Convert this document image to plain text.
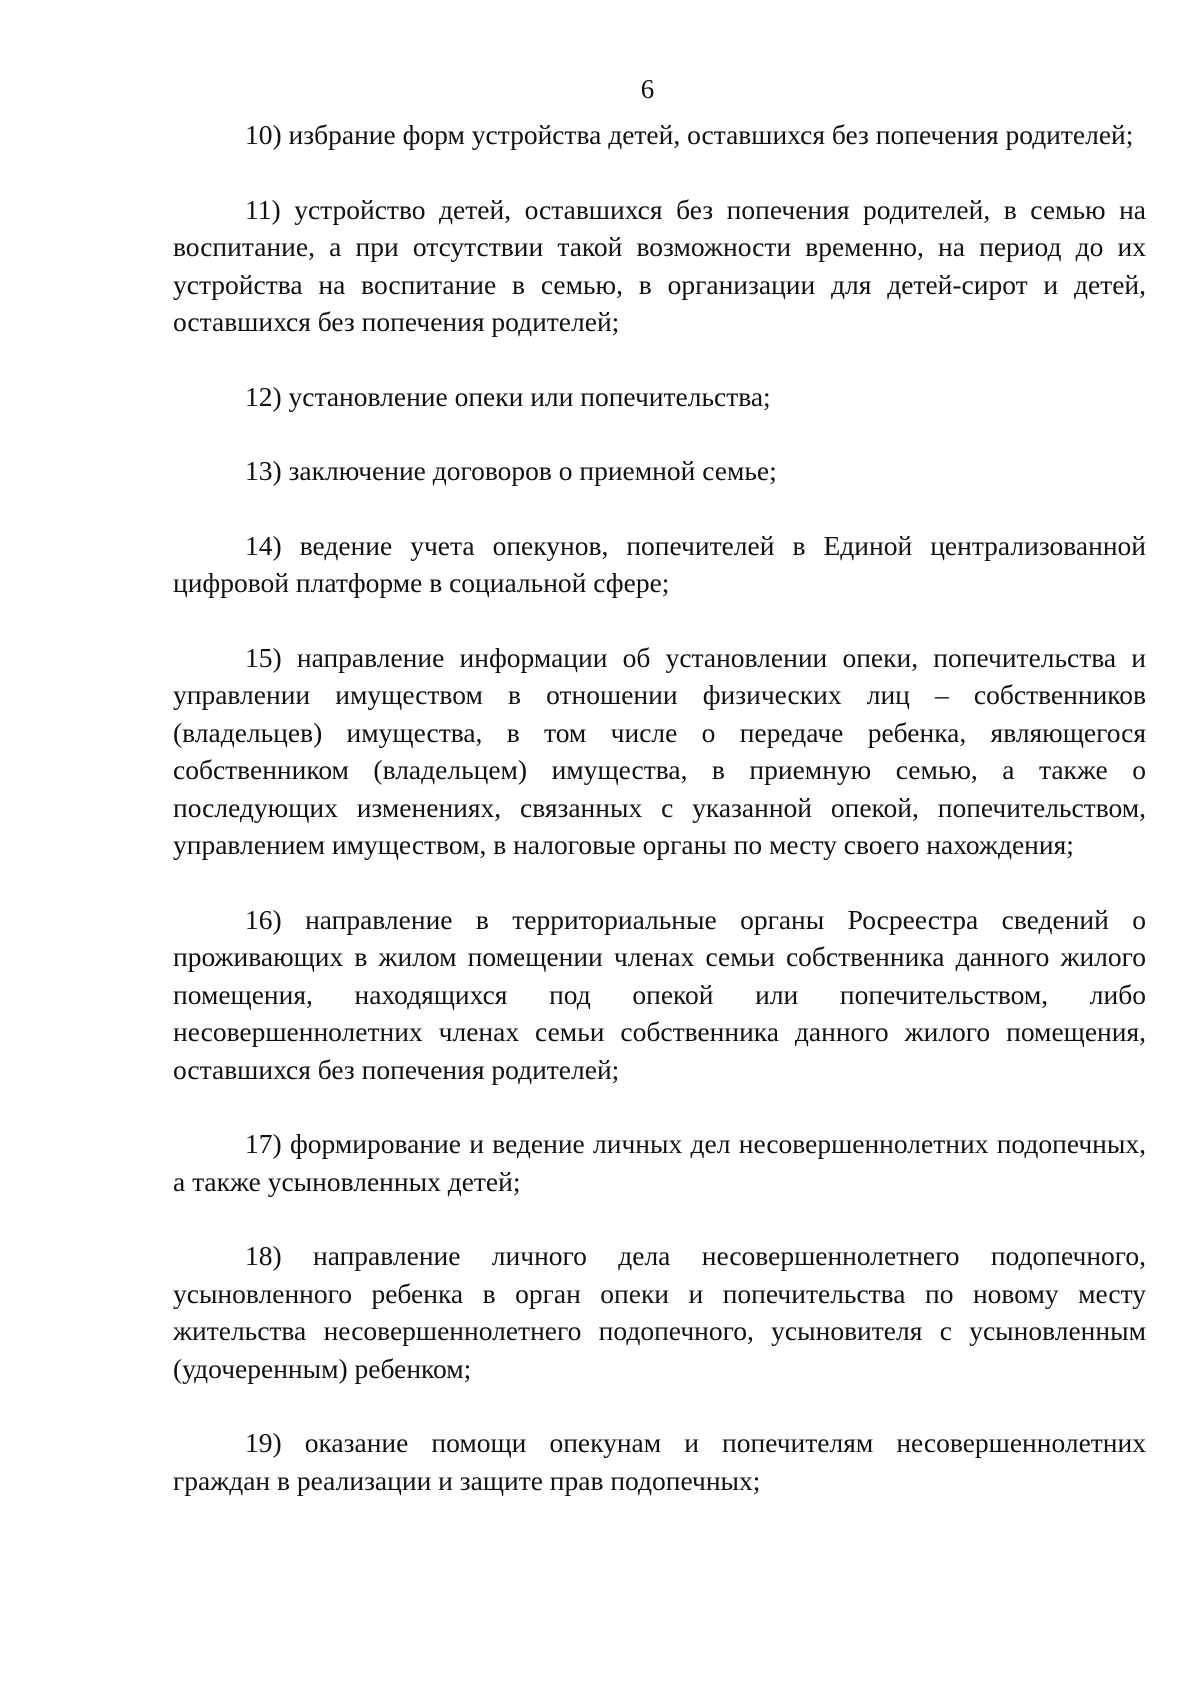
6

10) избрание форм устройства детей, оставшихся без попечения родителей;

11) устройство детей, оставшихся без попечения родителей, в семью на воспитание, а при отсутствии такой возможности временно, на период до их устройства на воспитание в семью, в организации для детей-сирот и детей, оставшихся без попечения родителей;

12) установление опеки или попечительства;

13) заключение договоров о приемной семье;

14) ведение учета опекунов, попечителей в Единой централизованной цифровой платформе в социальной сфере;

15) направление информации об установлении опеки, попечительства и управлении имуществом в отношении физических лиц – собственников (владельцев) имущества, в том числе о передаче ребенка, являющегося собственником (владельцем) имущества, в приемную семью, а также о последующих изменениях, связанных с указанной опекой, попечительством, управлением имуществом, в налоговые органы по месту своего нахождения;

16) направление в территориальные органы Росреестра сведений о проживающих в жилом помещении членах семьи собственника данного жилого помещения, находящихся под опекой или попечительством, либо несовершеннолетних членах семьи собственника данного жилого помещения, оставшихся без попечения родителей;

17) формирование и ведение личных дел несовершеннолетних подопечных, а также усыновленных детей;

18) направление личного дела несовершеннолетнего подопечного, усыновленного ребенка в орган опеки и попечительства по новому месту жительства несовершеннолетнего подопечного, усыновителя с усыновленным (удочеренным) ребенком;

19) оказание помощи опекунам и попечителям несовершеннолетних граждан в реализации и защите прав подопечных;
